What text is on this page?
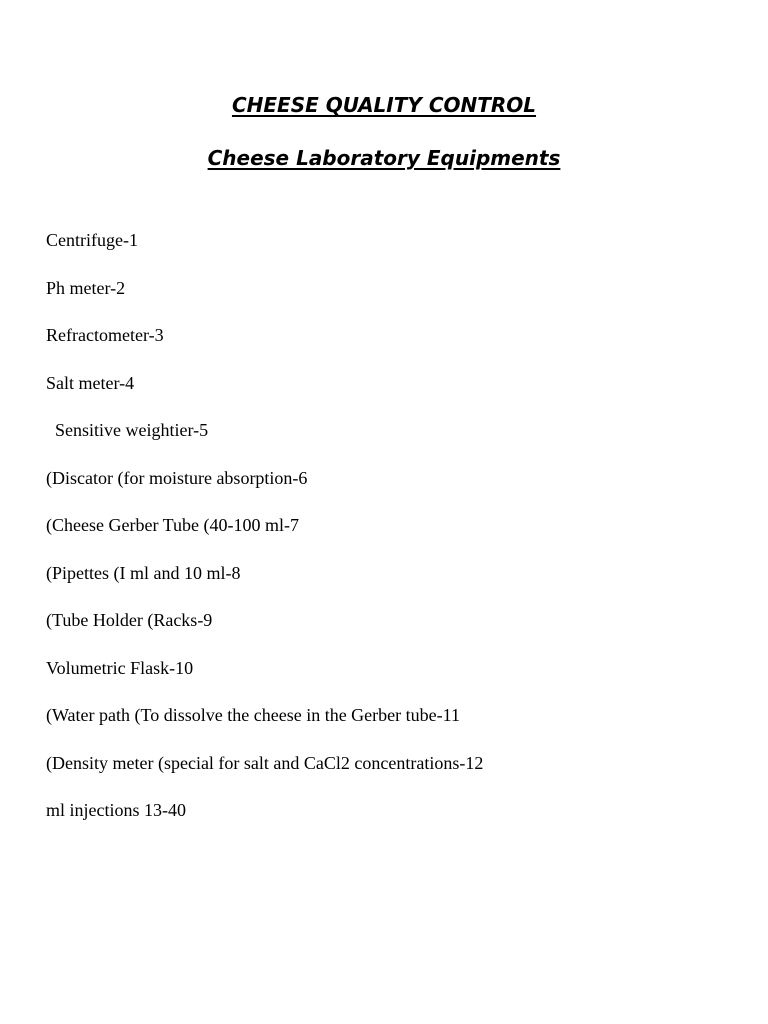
CHEESE QUALITY CONTROL
Cheese Laboratory Equipments
Centrifuge-1
Ph meter-2
Refractometer-3
Salt meter-4
Sensitive weightier-5
(Discator (for moisture absorption-6
(Cheese Gerber Tube (40-100 ml-7
(Pipettes (I ml and 10 ml-8
(Tube Holder (Racks-9
Volumetric Flask-10
(Water path (To dissolve the cheese in the Gerber tube-11
(Density meter (special for salt and CaCl2 concentrations-12
ml injections 13-40
